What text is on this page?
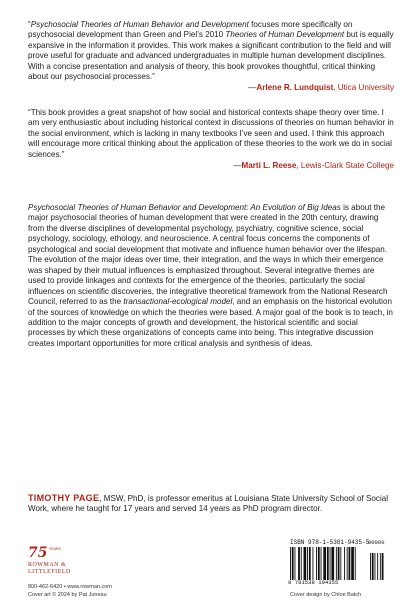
“Psychosocial Theories of Human Behavior and Development focuses more specifically on psychosocial development than Green and Piel’s 2010 Theories of Human Development but is equally expansive in the information it provides. This work makes a significant contribution to the field and will prove useful for graduate and advanced undergraduates in multiple human development disciplines. With a concise presentation and analysis of theory, this book provokes thoughtful, critical thinking about our psychosocial processes.”

—Arlene R. Lundquist, Utica University

“This book provides a great snapshot of how social and historical contexts shape theory over time. I am very enthusiastic about including historical context in discussions of theories on human behavior in the social environment, which is lacking in many textbooks I’ve seen and used. I think this approach will encourage more critical thinking about the application of these theories to the work we do in social sciences.”

—Marti L. Reese, Lewis-Clark State College

Psychosocial Theories of Human Behavior and Development: An Evolution of Big Ideas is about the major psychosocial theories of human development that were created in the 20th century, drawing from the diverse disciplines of developmental psychology, psychiatry, cognitive science, social psychology, sociology, ethology, and neuroscience. A central focus concerns the components of psychological and social development that motivate and influence human behavior over the lifespan. The evolution of the major ideas over time, their integration, and the ways in which their emergence was shaped by their mutual influences is emphasized throughout. Several integrative themes are used to provide linkages and contexts for the emergence of the theories, particularly the social influences on scientific discoveries, the integrative theoretical framework from the National Research Council, referred to as the transactional-ecological model, and an emphasis on the historical evolution of the sources of knowledge on which the theories were based. A major goal of the book is to teach, in addition to the major concepts of growth and development, the historical scientific and social processes by which these organizations of concepts came into being. This integrative discussion creates important opportunities for more critical analysis and synthesis of ideas.

TIMOTHY PAGE, MSW, PhD, is professor emeritus at Louisiana State University School of Social Work, where he taught for 17 years and served 14 years as PhD program director.

75 YEARS
ROWMAN &
LITTLEFIELD
800-462-6420 • www.rowman.com
Cover art © 2024 by Pat Juneau	Cover design by Chloe Batch
ISBN 978-1-5381-9435-5
9 781538 194355
90000
